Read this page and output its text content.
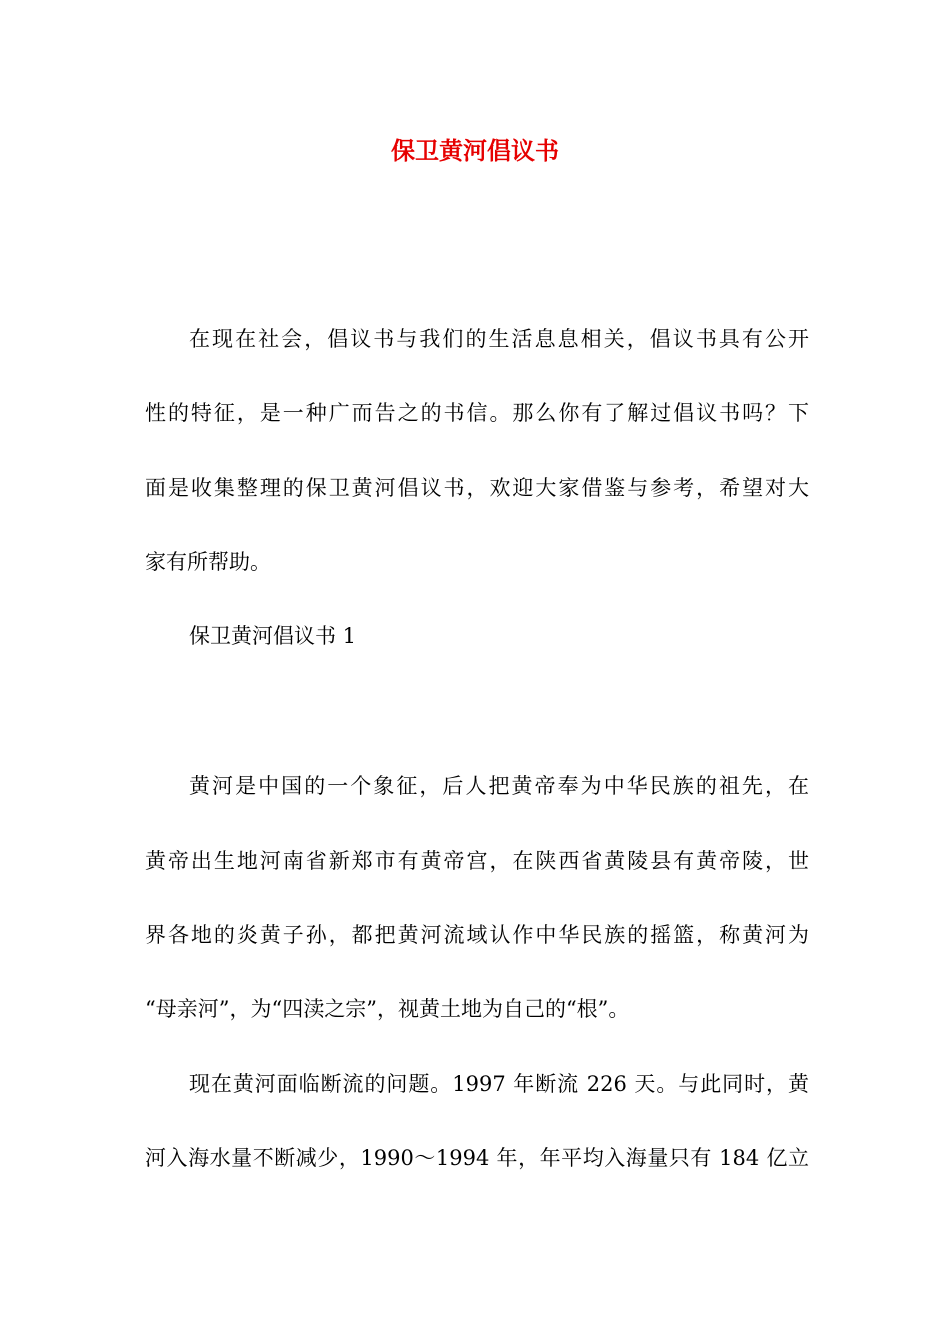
保卫黄河倡议书
在现在社会，倡议书与我们的生活息息相关，倡议书具有公开
性的特征，是一种广而告之的书信。那么你有了解过倡议书吗？下
面是收集整理的保卫黄河倡议书，欢迎大家借鉴与参考，希望对大
家有所帮助。
保卫黄河倡议书 1
黄河是中国的一个象征，后人把黄帝奉为中华民族的祖先，在
黄帝出生地河南省新郑市有黄帝宫，在陕西省黄陵县有黄帝陵，世
界各地的炎黄子孙，都把黄河流域认作中华民族的摇篮，称黄河为
“母亲河”，为“四渎之宗”，视黄土地为自己的“根”。
现在黄河面临断流的问题。1997 年断流 226 天。与此同时，黄
河入海水量不断减少，1990～1994 年，年平均入海量只有 184 亿立
